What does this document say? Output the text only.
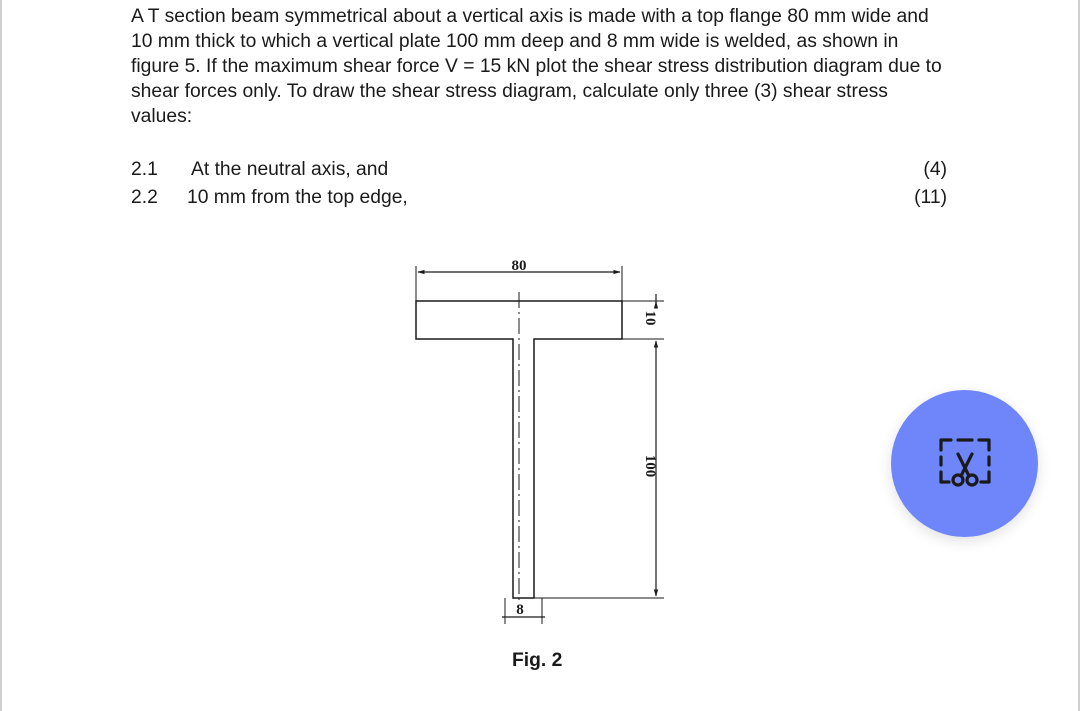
A T section beam symmetrical about a vertical axis is made with a top flange 80 mm wide and 10 mm thick to which a vertical plate 100 mm deep and 8 mm wide is welded, as shown in figure 5. If the maximum shear force V = 15 kN plot the shear stress distribution diagram due to shear forces only. To draw the shear stress diagram, calculate only three (3) shear stress values:

2.1 At the neutral axis, and	(4)
2.2 10 mm from the top edge,	(11)
80
10
100
8
Fig. 2
